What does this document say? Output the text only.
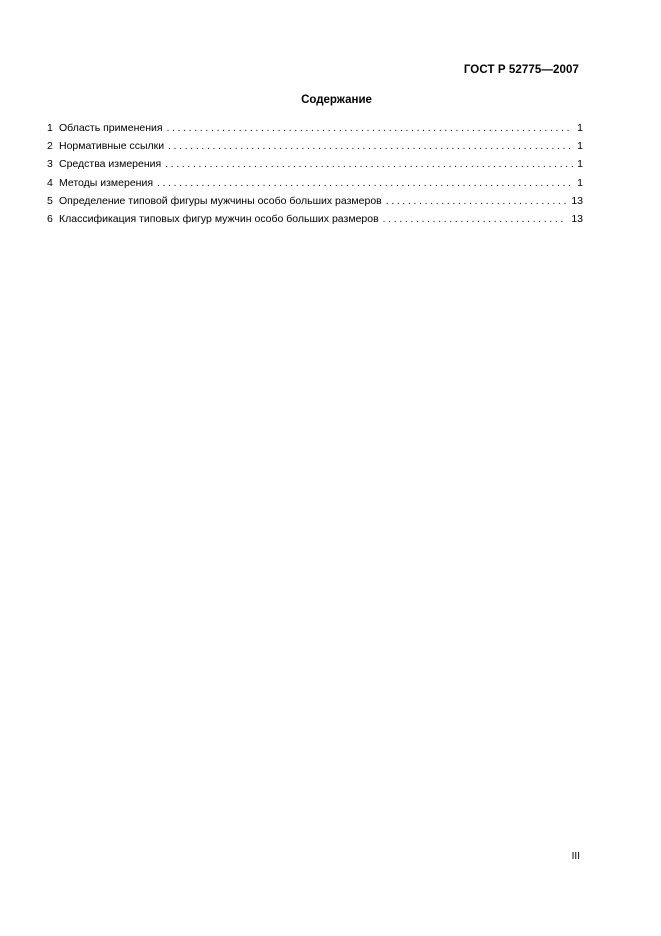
ГОСТ Р 52775—2007
Содержание
1 Область применения . . .	1
2 Нормативные ссылки . . .	1
3 Средства измерения . . .	1
4 Методы измерения . . .	1
5 Определение типовой фигуры мужчины особо больших размеров . . .	13
6 Классификация типовых фигур мужчин особо больших размеров . . .	13
III
